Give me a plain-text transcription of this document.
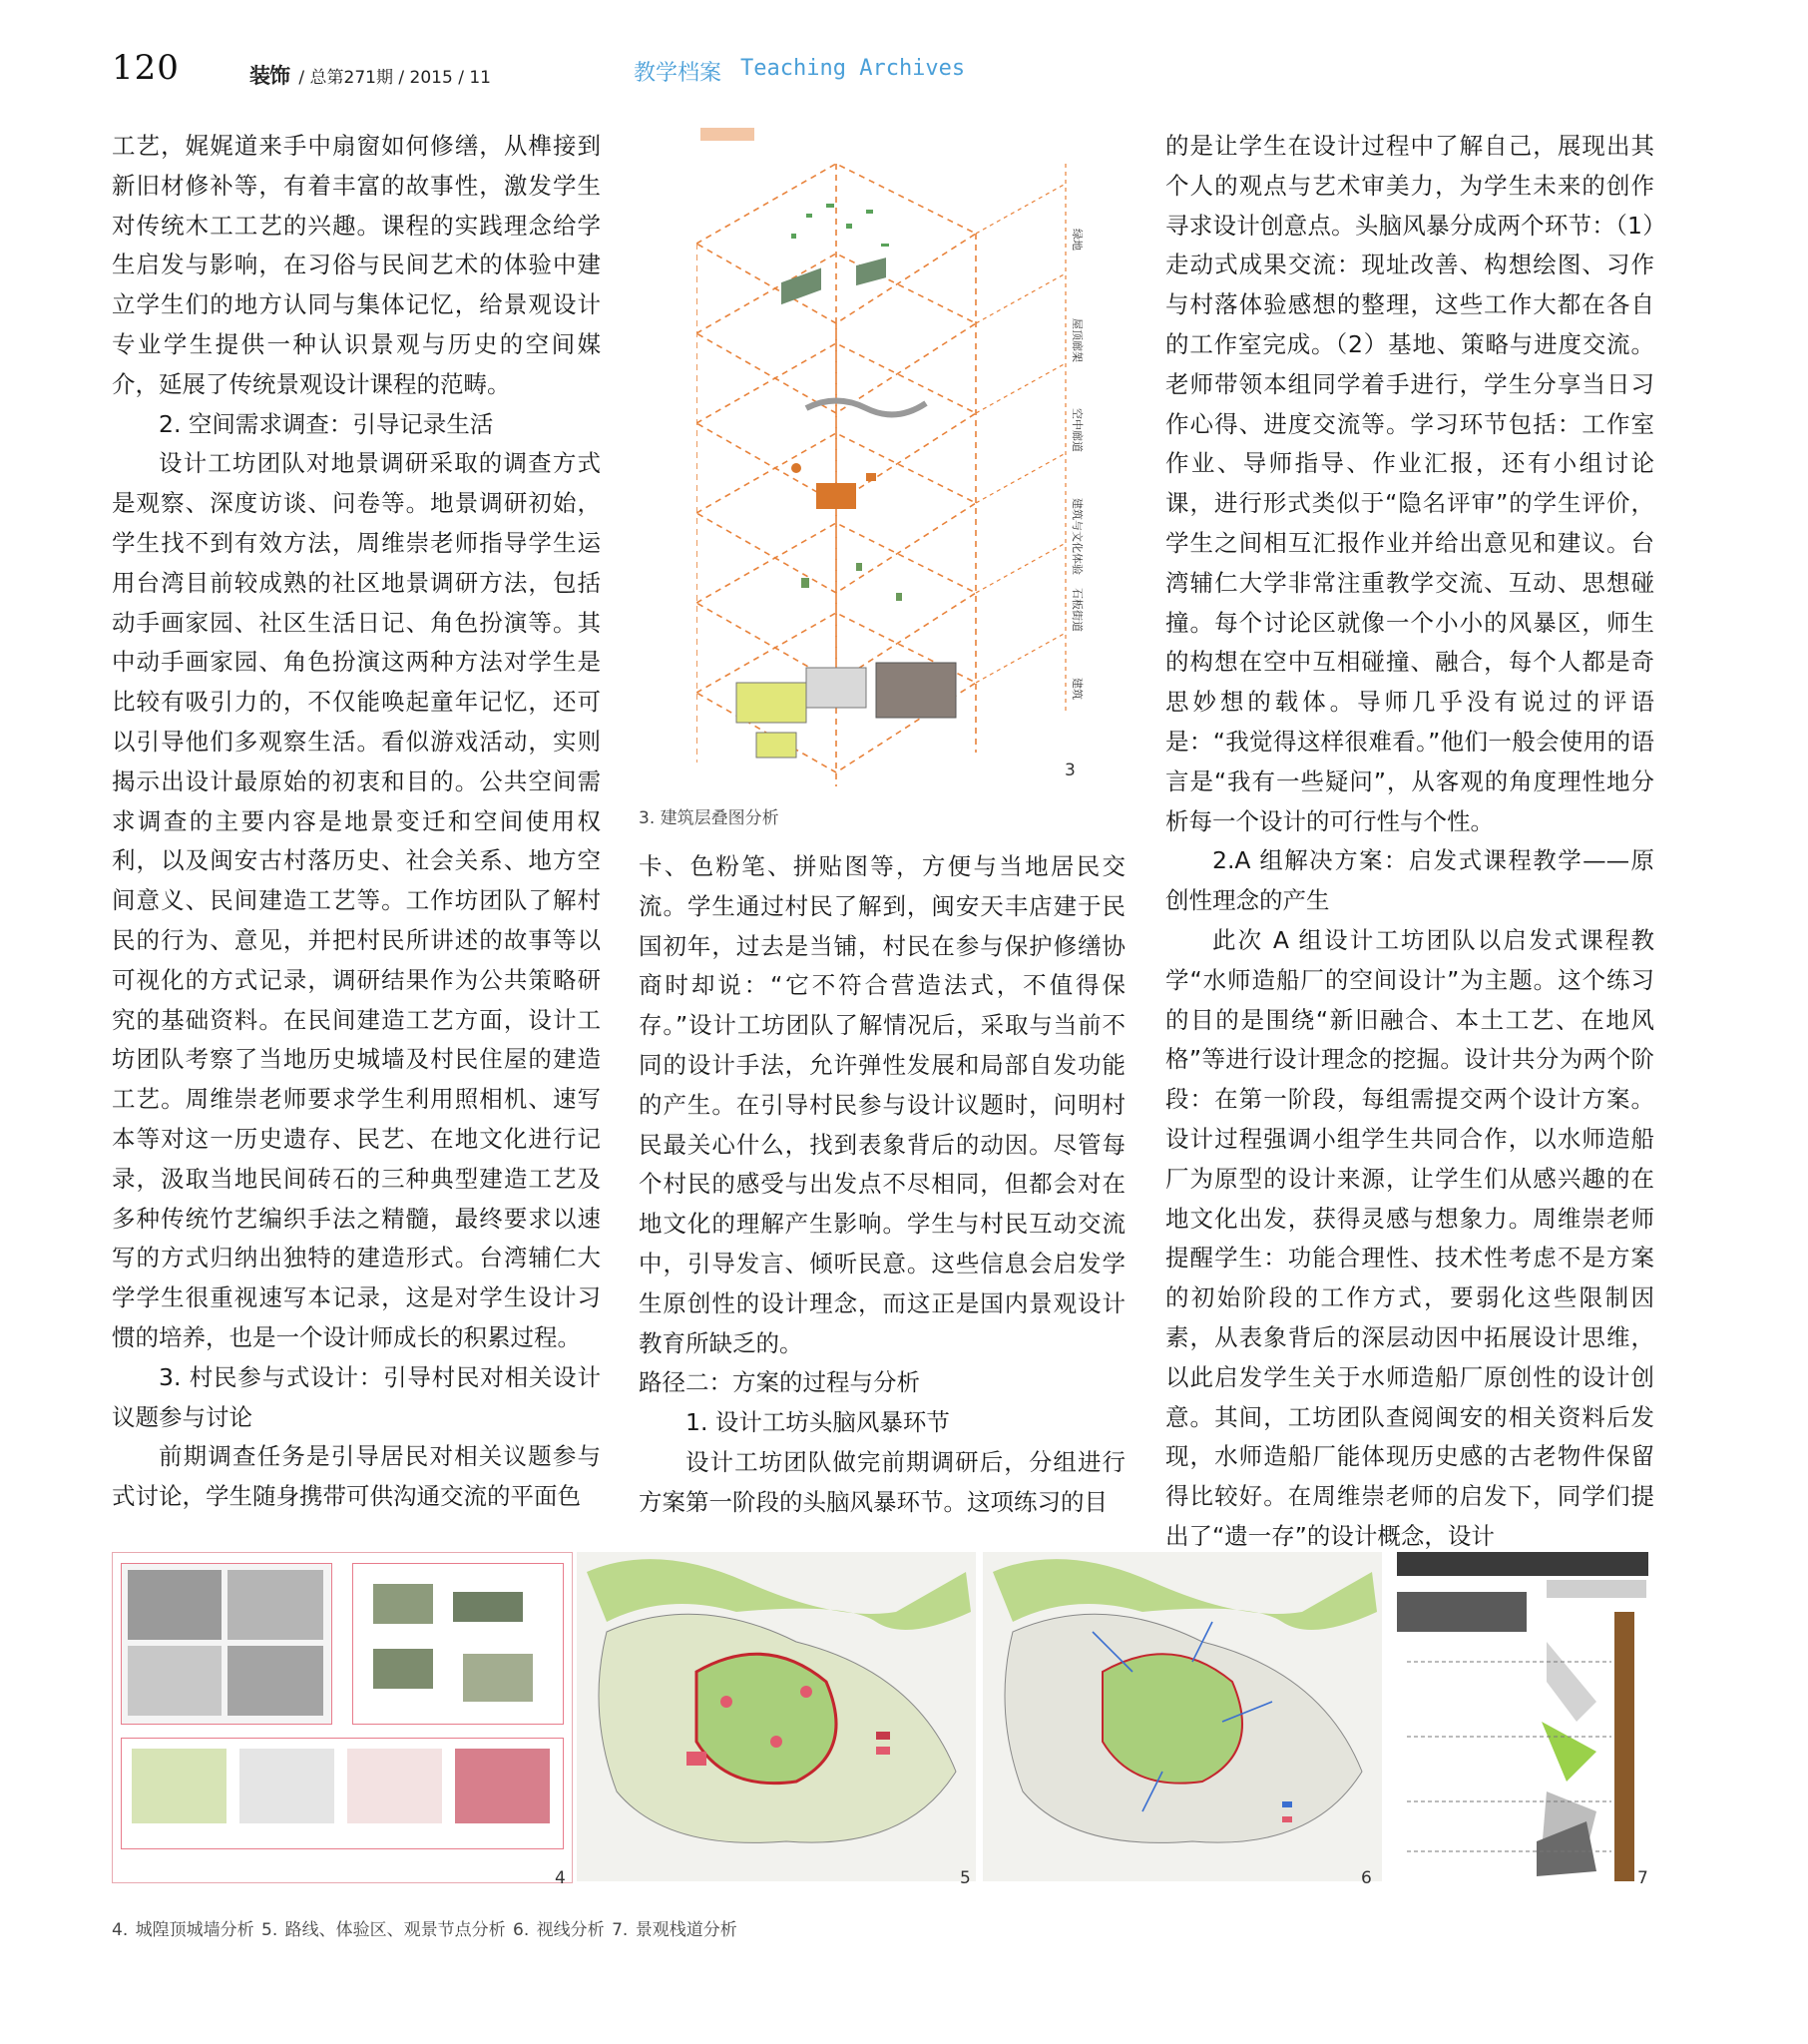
120	装饰 / 总第271期 / 2015 / 11	教学档案 Teaching Archives

工艺，娓娓道来手中扇窗如何修缮，从榫接到新旧材修补等，有着丰富的故事性，激发学生对传统木工工艺的兴趣。课程的实践理念给学生启发与影响，在习俗与民间艺术的体验中建立学生们的地方认同与集体记忆，给景观设计专业学生提供一种认识景观与历史的空间媒介，延展了传统景观设计课程的范畴。

2. 空间需求调查：引导记录生活

设计工坊团队对地景调研采取的调查方式是观察、深度访谈、问卷等。地景调研初始，学生找不到有效方法，周维崇老师指导学生运用台湾目前较成熟的社区地景调研方法，包括动手画家园、社区生活日记、角色扮演等。其中动手画家园、角色扮演这两种方法对学生是比较有吸引力的，不仅能唤起童年记忆，还可以引导他们多观察生活。看似游戏活动，实则揭示出设计最原始的初衷和目的。公共空间需求调查的主要内容是地景变迁和空间使用权利，以及闽安古村落历史、社会关系、地方空间意义、民间建造工艺等。工作坊团队了解村民的行为、意见，并把村民所讲述的故事等以可视化的方式记录，调研结果作为公共策略研究的基础资料。在民间建造工艺方面，设计工坊团队考察了当地历史城墙及村民住屋的建造工艺。周维崇老师要求学生利用照相机、速写本等对这一历史遗存、民艺、在地文化进行记录，汲取当地民间砖石的三种典型建造工艺及多种传统竹艺编织手法之精髓，最终要求以速写的方式归纳出独特的建造形式。台湾辅仁大学学生很重视速写本记录，这是对学生设计习惯的培养，也是一个设计师成长的积累过程。

3. 村民参与式设计：引导村民对相关设计议题参与讨论

前期调查任务是引导居民对相关议题参与式讨论，学生随身携带可供沟通交流的平面色

绿地
屋顶廊架
空中廊道
建筑与文化体验
石板街道
建筑
3
3. 建筑层叠图分析

卡、色粉笔、拼贴图等，方便与当地居民交流。学生通过村民了解到，闽安天丰店建于民国初年，过去是当铺，村民在参与保护修缮协商时却说：“它不符合营造法式，不值得保存。”设计工坊团队了解情况后，采取与当前不同的设计手法，允许弹性发展和局部自发功能的产生。在引导村民参与设计议题时，问明村民最关心什么，找到表象背后的动因。尽管每个村民的感受与出发点不尽相同，但都会对在地文化的理解产生影响。学生与村民互动交流中，引导发言、倾听民意。这些信息会启发学生原创性的设计理念，而这正是国内景观设计教育所缺乏的。

路径二：方案的过程与分析

1. 设计工坊头脑风暴环节

设计工坊团队做完前期调研后，分组进行方案第一阶段的头脑风暴环节。这项练习的目

的是让学生在设计过程中了解自己，展现出其个人的观点与艺术审美力，为学生未来的创作寻求设计创意点。头脑风暴分成两个环节：（1）走动式成果交流：现址改善、构想绘图、习作与村落体验感想的整理，这些工作大都在各自的工作室完成。（2）基地、策略与进度交流。老师带领本组同学着手进行，学生分享当日习作心得、进度交流等。学习环节包括：工作室作业、导师指导、作业汇报，还有小组讨论课，进行形式类似于“隐名评审”的学生评价，学生之间相互汇报作业并给出意见和建议。台湾辅仁大学非常注重教学交流、互动、思想碰撞。每个讨论区就像一个小小的风暴区，师生的构想在空中互相碰撞、融合，每个人都是奇思妙想的载体。导师几乎没有说过的评语是：“我觉得这样很难看。”他们一般会使用的语言是“我有一些疑问”，从客观的角度理性地分析每一个设计的可行性与个性。

2.A 组解决方案：启发式课程教学——原创性理念的产生

此次 A 组设计工坊团队以启发式课程教学“水师造船厂的空间设计”为主题。这个练习的目的是围绕“新旧融合、本土工艺、在地风格”等进行设计理念的挖掘。设计共分为两个阶段：在第一阶段，每组需提交两个设计方案。设计过程强调小组学生共同合作，以水师造船厂为原型的设计来源，让学生们从感兴趣的在地文化出发，获得灵感与想象力。周维崇老师提醒学生：功能合理性、技术性考虑不是方案的初始阶段的工作方式，要弱化这些限制因素，从表象背后的深层动因中拓展设计思维，以此启发学生关于水师造船厂原创性的设计创意。其间，工坊团队查阅闽安的相关资料后发现，水师造船厂能体现历史感的古老物件保留得比较好。在周维崇老师的启发下，同学们提出了“遗一存”的设计概念，设计

4	5	6	7
4. 城隍顶城墙分析 5. 路线、体验区、观景节点分析 6. 视线分析 7. 景观栈道分析
